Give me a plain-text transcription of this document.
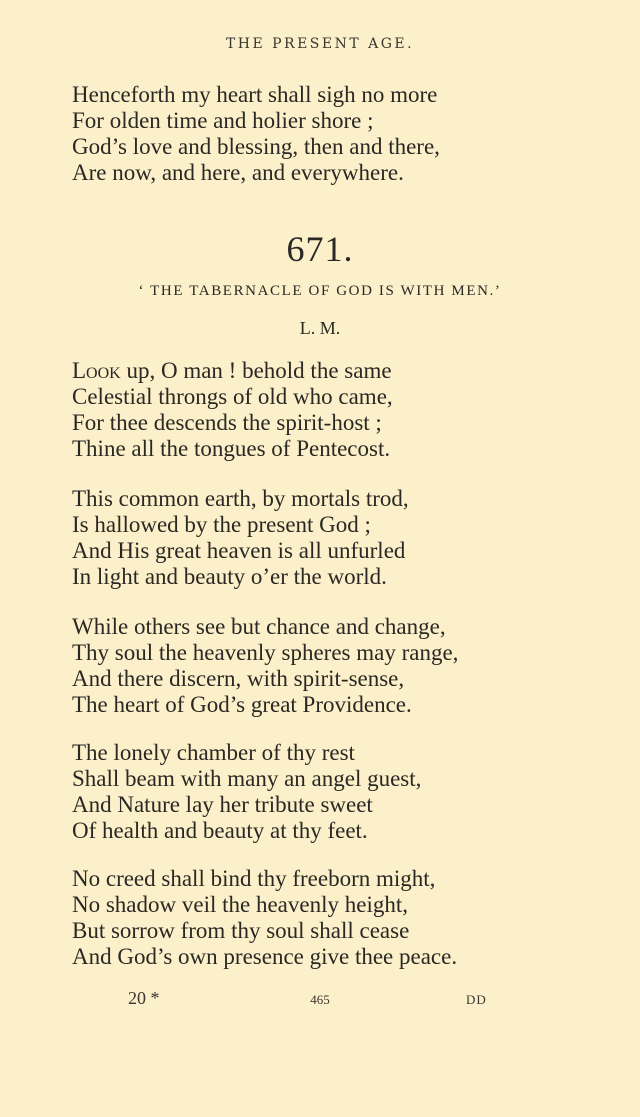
THE PRESENT AGE.
Henceforth my heart shall sigh no more
For olden time and holier shore ;
God’s love and blessing, then and there,
Are now, and here, and everywhere.
671.
‘ THE TABERNACLE OF GOD IS WITH MEN.’
L. M.
Look up, O man ! behold the same
Celestial throngs of old who came,
For thee descends the spirit-host ;
Thine all the tongues of Pentecost.
This common earth, by mortals trod,
Is hallowed by the present God ;
And His great heaven is all unfurled
In light and beauty o’er the world.
While others see but chance and change,
Thy soul the heavenly spheres may range,
And there discern, with spirit-sense,
The heart of God’s great Providence.
The lonely chamber of thy rest
Shall beam with many an angel guest,
And Nature lay her tribute sweet
Of health and beauty at thy feet.
No creed shall bind thy freeborn might,
No shadow veil the heavenly height,
But sorrow from thy soul shall cease
And God’s own presence give thee peace.
20 *	465	DD
